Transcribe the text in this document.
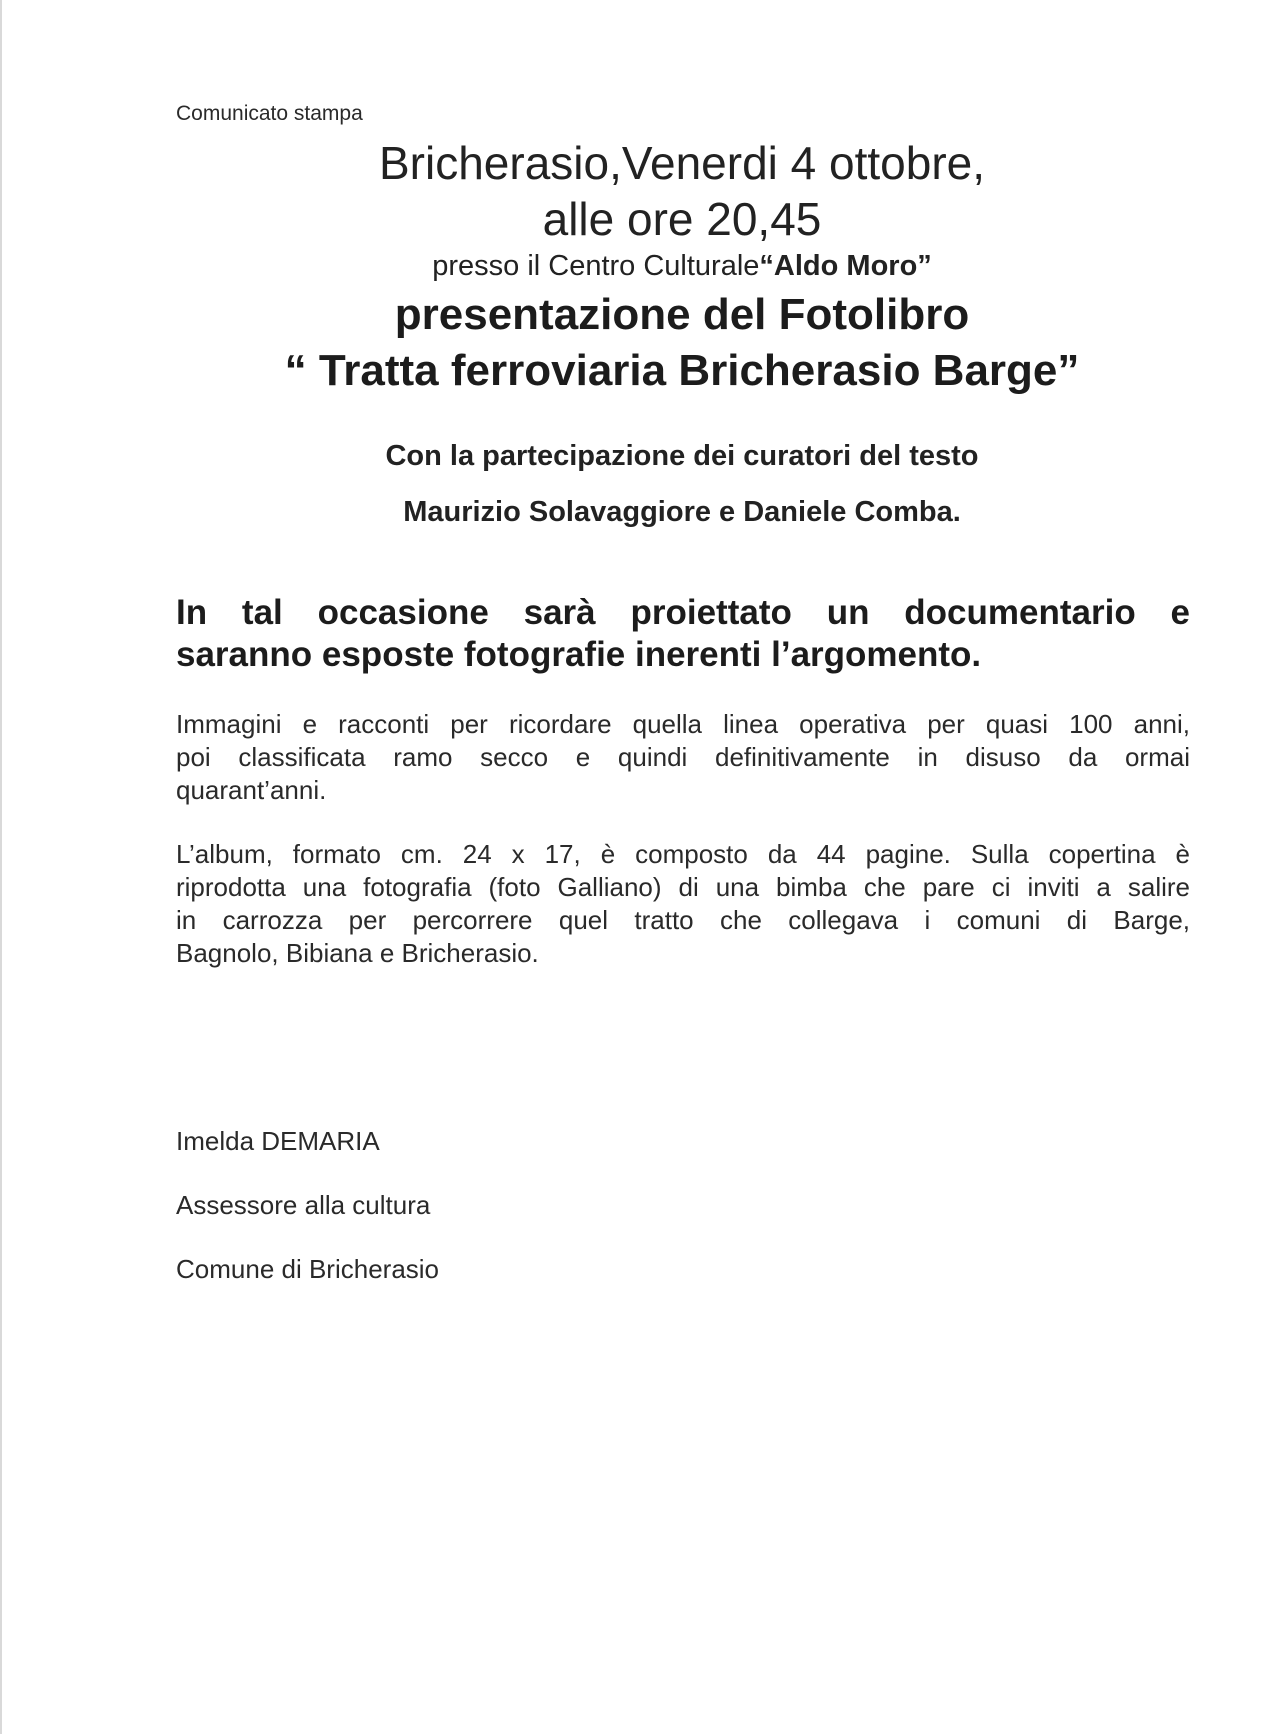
Comunicato stampa
Bricherasio,Venerdi 4 ottobre,
alle ore 20,45
presso il Centro Culturale“Aldo Moro”
presentazione del Fotolibro
“ Tratta ferroviaria Bricherasio Barge”
Con la partecipazione dei curatori del testo
Maurizio Solavaggiore e Daniele Comba.
In tal occasione sarà proiettato un documentario e
saranno esposte fotografie inerenti l’argomento.
Immagini e racconti per ricordare quella linea operativa per quasi 100 anni,
poi classificata ramo secco e quindi definitivamente in disuso da ormai
quarant’anni.
L’album, formato cm. 24 x 17, è composto da 44 pagine. Sulla copertina è
riprodotta una fotografia (foto Galliano) di una bimba che pare ci inviti a salire
in carrozza per percorrere quel tratto che collegava i comuni di Barge,
Bagnolo, Bibiana e Bricherasio.
Imelda DEMARIA
Assessore alla cultura
Comune di Bricherasio
